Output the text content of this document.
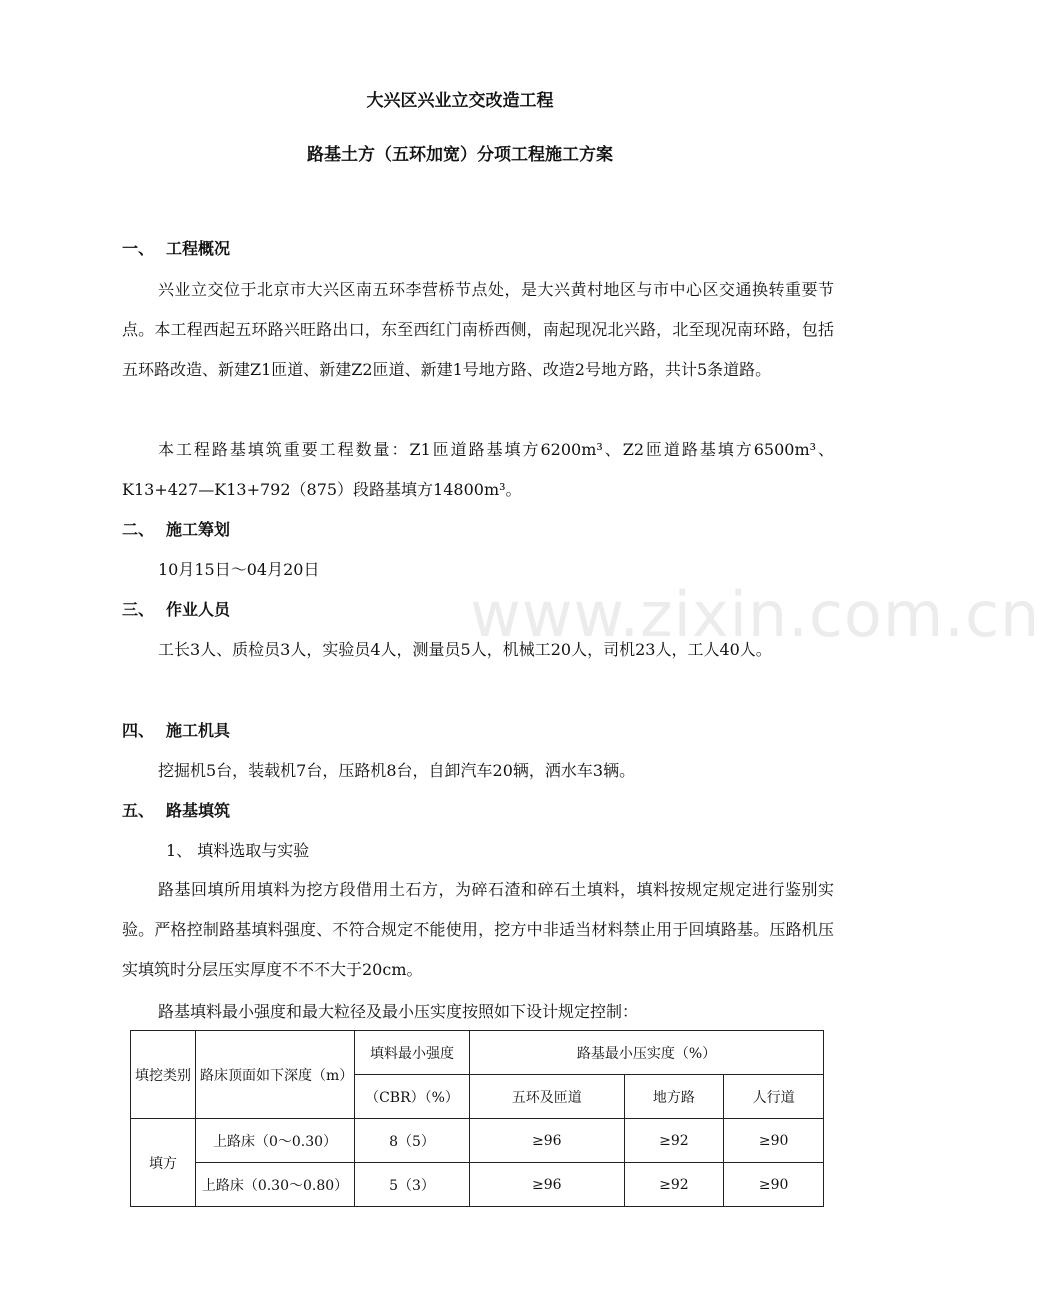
www.zixin.com.cn
大兴区兴业立交改造工程
路基土方（五环加宽）分项工程施工方案
一、 工程概况
兴业立交位于北京市大兴区南五环李营桥节点处，是大兴黄村地区与市中心区交通换转重要节点。本工程西起五环路兴旺路出口，东至西红门南桥西侧，南起现况北兴路，北至现况南环路，包括五环路改造、新建Z1匝道、新建Z2匝道、新建1号地方路、改造2号地方路，共计5条道路。
本工程路基填筑重要工程数量：Z1匝道路基填方6200m³、Z2匝道路基填方6500m³、K13+427—K13+792（875）段路基填方14800m³。
二、 施工筹划
10月15日～04月20日
三、 作业人员
工长3人、质检员3人，实验员4人，测量员5人，机械工20人，司机23人，工人40人。
四、 施工机具
挖掘机5台，装载机7台，压路机8台，自卸汽车20辆，洒水车3辆。
五、 路基填筑
1、 填料选取与实验
路基回填所用填料为挖方段借用土石方，为碎石渣和碎石土填料，填料按规定规定进行鉴别实验。严格控制路基填料强度、不符合规定不能使用，挖方中非适当材料禁止用于回填路基。压路机压实填筑时分层压实厚度不不不大于20cm。
路基填料最小强度和最大粒径及最小压实度按照如下设计规定控制：
填挖类别	路床顶面如下深度（m）	填料最小强度	路基最小压实度（%）		
		（CBR）（%）	五环及匝道	地方路	人行道
填方	上路床（0～0.30）	8（5）	≥96	≥92	≥90
	上路床（0.30～0.80）	5（3）	≥96	≥92	≥90
